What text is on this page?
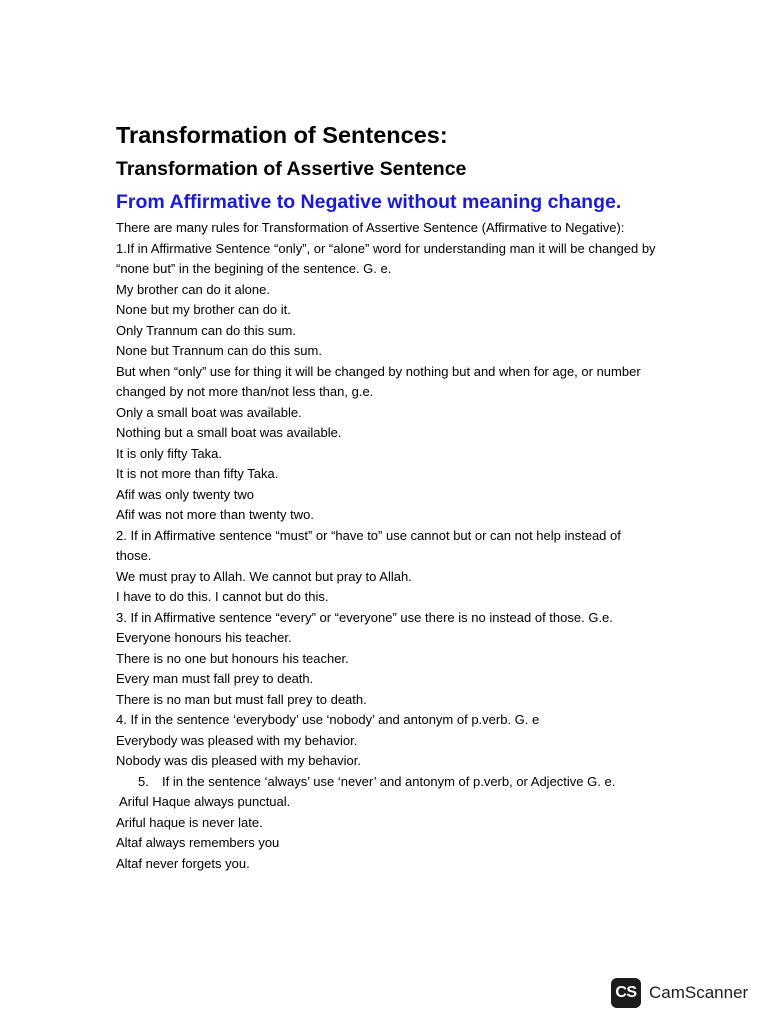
Transformation of Sentences:
Transformation of Assertive Sentence
From Affirmative to Negative without meaning change.

There are many rules for Transformation of Assertive Sentence (Affirmative to Negative):

1.If in Affirmative Sentence “only”, or “alone” word for understanding man it will be changed by “none but” in the begining of the sentence. G. e.

My brother can do it alone.

None but my brother can do it.

Only Trannum can do this sum.

None but Trannum can do this sum.

But when “only” use for thing it will be changed by nothing but and when for age, or number changed by not more than/not less than, g.e.

Only a small boat was available.

Nothing but a small boat was available.

It is only fifty Taka.

It is not more than fifty Taka.

Afif was only twenty two

Afif was not more than twenty two.

2. If in Affirmative sentence “must” or “have to” use cannot but or can not help instead of those.

We must pray to Allah. We cannot but pray to Allah.

I have to do this. I cannot but do this.

3. If in Affirmative sentence “every” or “everyone” use there is no instead of those. G.e.

Everyone honours his teacher.

There is no one but honours his teacher.

Every man must fall prey to death.

There is no man but must fall prey to death.

4. If in the sentence ‘everybody’ use ‘nobody’ and antonym of p.verb. G. e

Everybody was pleased with my behavior.

Nobody was dis pleased with my behavior.

5.	If in the sentence ‘always’ use ‘never’ and antonym of p.verb, or Adjective G. e.

Ariful Haque always punctual.

Ariful haque is never late.

Altaf always remembers you

Altaf never forgets you.

CS CamScanner
